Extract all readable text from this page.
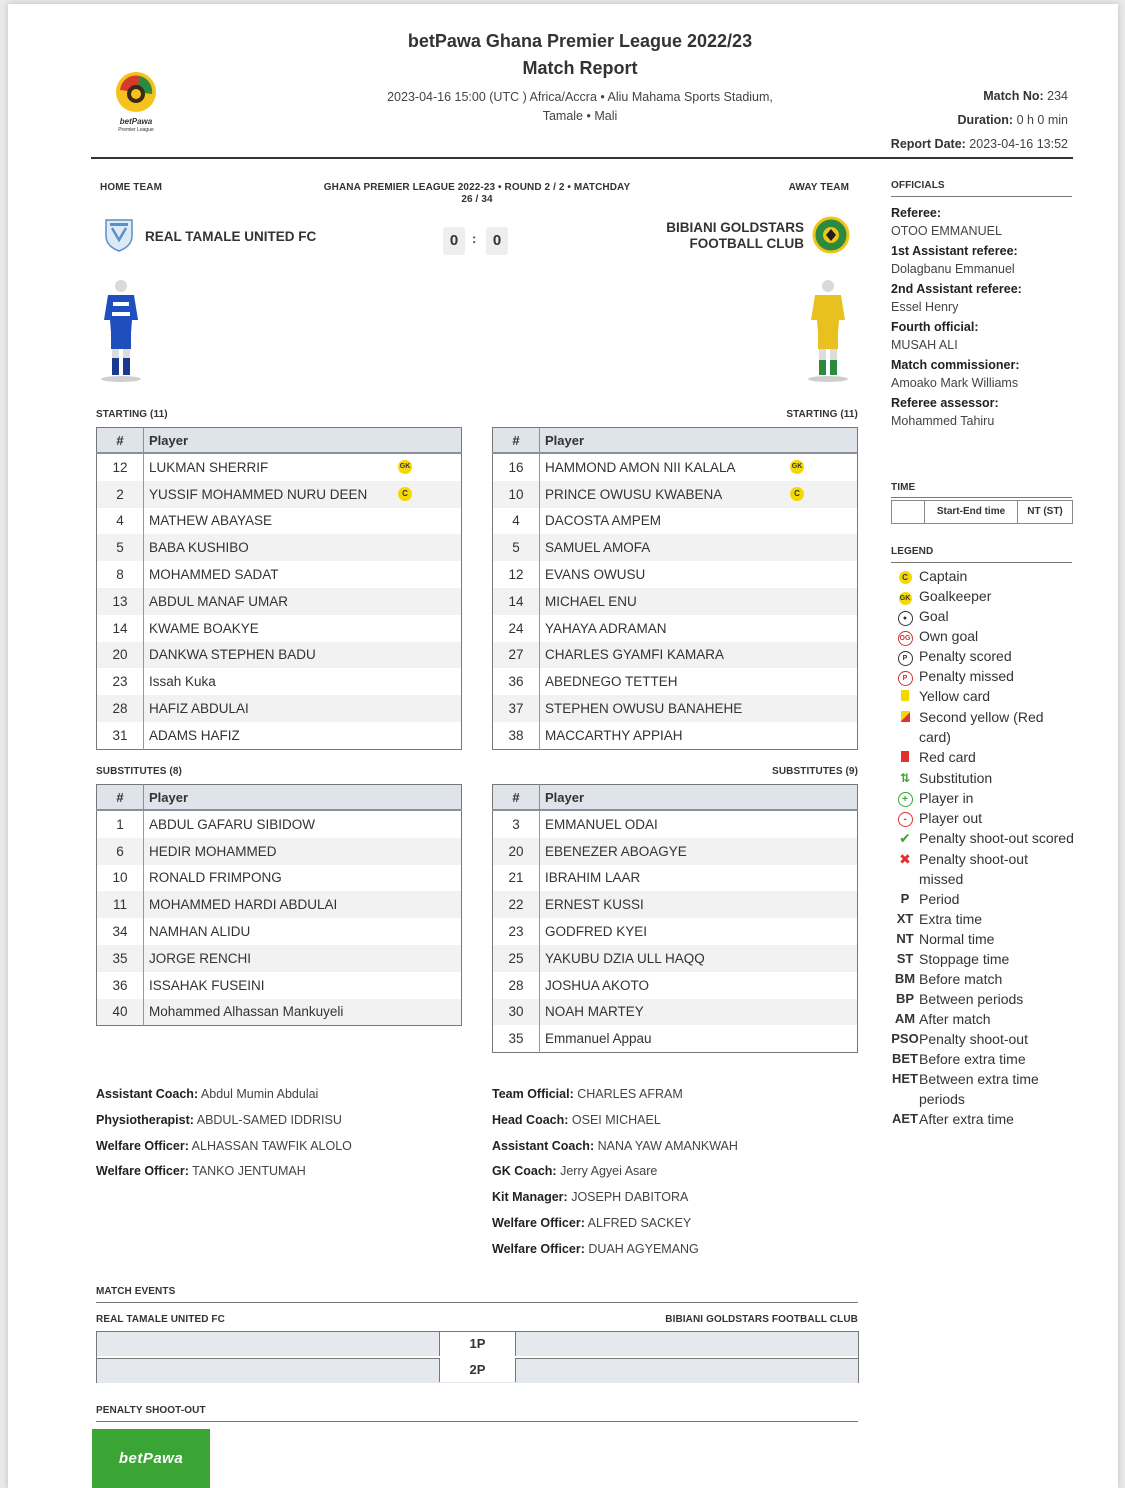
betPawa
Premier League
betPawa Ghana Premier League 2022/23
Match Report
2023-04-16 15:00 (UTC ) Africa/Accra • Aliu Mahama Sports Stadium,
Tamale • Mali
Match No: 234
Duration: 0 h 0 min
Report Date: 2023-04-16 13:52
HOME TEAM	AWAY TEAM
GHANA PREMIER LEAGUE 2022-23 • ROUND 2 / 2 • MATCHDAY
26 / 34
REAL TAMALE UNITED FC	0	:	0
BIBIANI GOLDSTARS
FOOTBALL CLUB
STARTING (11)	STARTING (11)
#	Player
12	LUKMAN SHERRIF GK

2	YUSSIF MOHAMMED NURU DEEN C

4	MATHEW ABAYASE
5	BABA KUSHIBO
8	MOHAMMED SADAT
13	ABDUL MANAF UMAR
14	KWAME BOAKYE
20	DANKWA STEPHEN BADU
23	Issah Kuka
28	HAFIZ ABDULAI
31	ADAMS HAFIZ
#	Player
16	HAMMOND AMON NII KALALA GK

10	PRINCE OWUSU KWABENA C

4	DACOSTA AMPEM
5	SAMUEL AMOFA
12	EVANS OWUSU
14	MICHAEL ENU
24	YAHAYA ADRAMAN
27	CHARLES GYAMFI KAMARA
36	ABEDNEGO TETTEH
37	STEPHEN OWUSU BANAHEHE
38	MACCARTHY APPIAH
SUBSTITUTES (8)	SUBSTITUTES (9)
#	Player
1	ABDUL GAFARU SIBIDOW
6	HEDIR MOHAMMED
10	RONALD FRIMPONG
11	MOHAMMED HARDI ABDULAI
34	NAMHAN ALIDU
35	JORGE RENCHI
36	ISSAHAK FUSEINI
40	Mohammed Alhassan Mankuyeli
#	Player
3	EMMANUEL ODAI
20	EBENEZER ABOAGYE
21	IBRAHIM LAAR
22	ERNEST KUSSI
23	GODFRED KYEI
25	YAKUBU DZIA ULL HAQQ
28	JOSHUA AKOTO
30	NOAH MARTEY
35	Emmanuel Appau
Assistant Coach: Abdul Mumin Abdulai
Physiotherapist: ABDUL-SAMED IDDRISU
Welfare Officer: ALHASSAN TAWFIK ALOLO
Welfare Officer: TANKO JENTUMAH
Team Official: CHARLES AFRAM
Head Coach: OSEI MICHAEL
Assistant Coach: NANA YAW AMANKWAH
GK Coach: Jerry Agyei Asare
Kit Manager: JOSEPH DABITORA
Welfare Officer: ALFRED SACKEY
Welfare Officer: DUAH AGYEMANG
OFFICIALS
Referee:
OTOO EMMANUEL
1st Assistant referee:
Dolagbanu Emmanuel
2nd Assistant referee:
Essel Henry
Fourth official:
MUSAH ALI
Match commissioner:
Amoako Mark Williams
Referee assessor:
Mohammed Tahiru
TIME
Start-End time	NT (ST)
LEGEND
C Captain
GK Goalkeeper
● Goal
OG Own goal
P Penalty scored
P Penalty missed
Yellow card
Second yellow (Red card)
Red card
⇅ Substitution
+ Player in
- Player out
✔ Penalty shoot-out scored
✖ Penalty shoot-out missed
P Period
XT Extra time
NT Normal time
ST Stoppage time
BM Before match
BP Between periods
AM After match
PSO Penalty shoot-out
BET Before extra time
HET Between extra time periods
AET After extra time
MATCH EVENTS
REAL TAMALE UNITED FC	BIBIANI GOLDSTARS FOOTBALL CLUB
1P
2P
PENALTY SHOOT-OUT
betPawa
